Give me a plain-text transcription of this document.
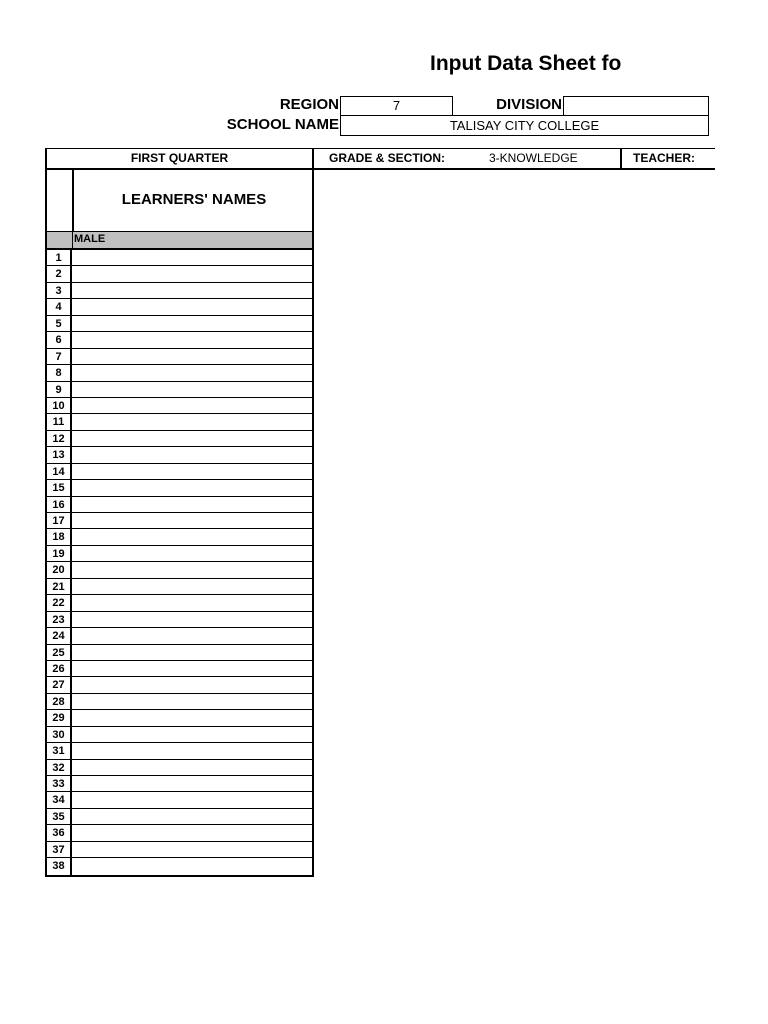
Input Data Sheet fo
REGION	7	DIVISION
SCHOOL NAME	TALISAY CITY COLLEGE
FIRST QUARTER	GRADE & SECTION:	3-KNOWLEDGE	TEACHER:
LEARNERS' NAMES
MALE
1
2
3
4
5
6
7
8
9
10
11
12
13
14
15
16
17
18
19
20
21
22
23
24
25
26
27
28
29
30
31
32
33
34
35
36
37
38
